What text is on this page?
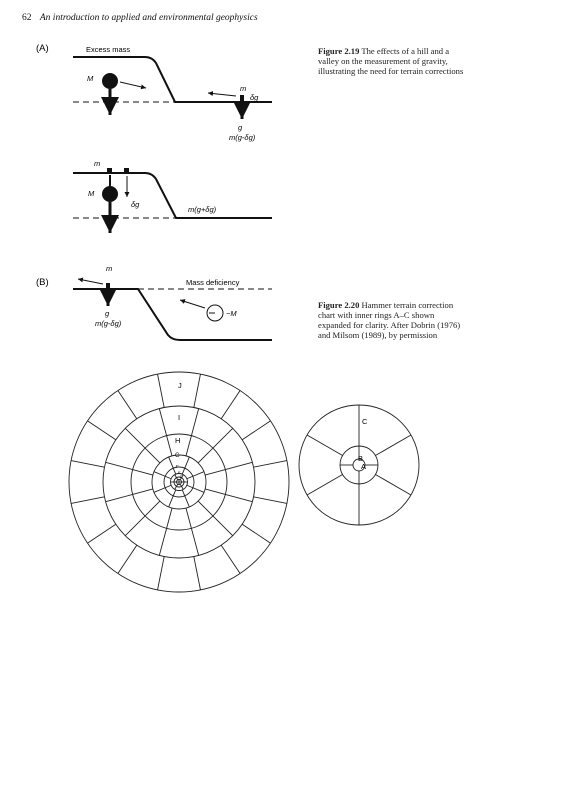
62 An introduction to applied and environmental geophysics
Figure 2.19 The effects of a hill and a valley on the measurement of gravity, illustrating the need for terrain corrections
Figure 2.20 Hammer terrain correction chart with inner rings A–C shown expanded for clarity. After Dobrin (1976) and Milsom (1989), by permission
(A)	Excess mass
M
m
δg
g
m(g-δg)
m
M
δg
m(g+δg)
(B)
m
g
m(g-δg)
Mass deficiency
−M
J
I
H
G
F
E
D
C
B
A
